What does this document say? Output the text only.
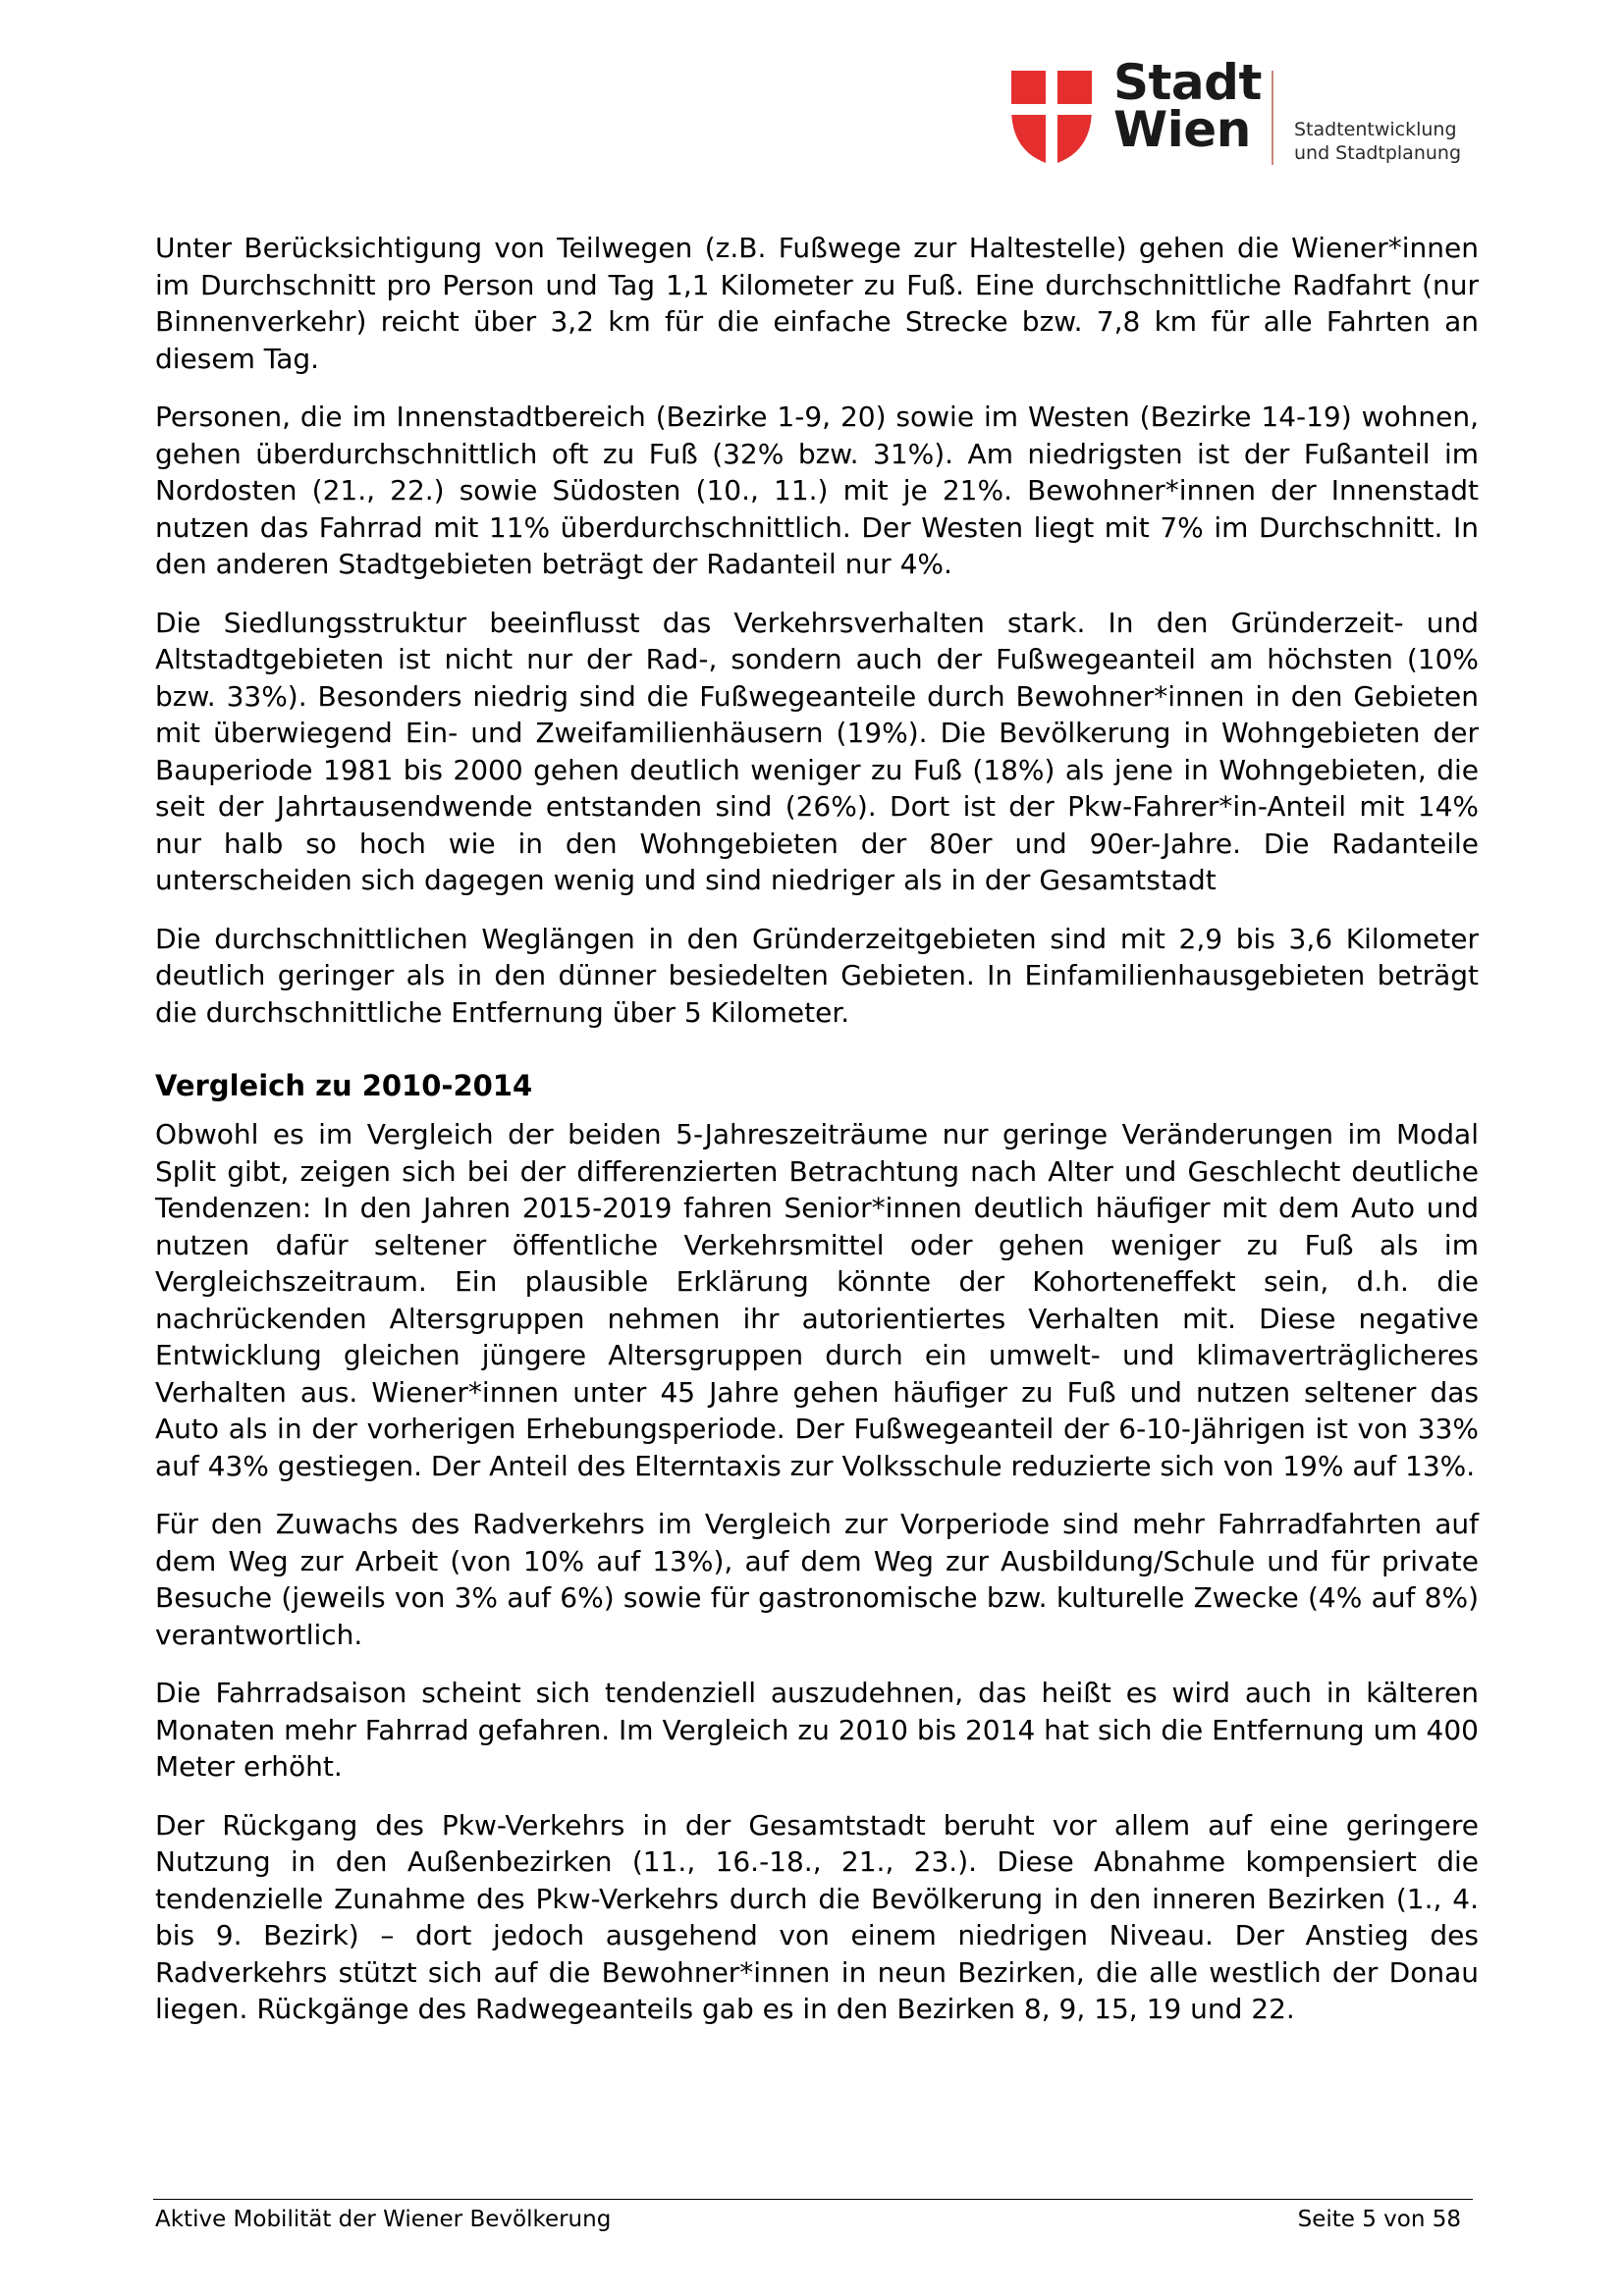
Stadt
Wien	Stadtentwicklung
und Stadtplanung

Unter Berücksichtigung von Teilwegen (z.B. Fußwege zur Haltestelle) gehen die Wiener*innen im Durchschnitt pro Person und Tag 1,1 Kilometer zu Fuß. Eine durchschnittliche Radfahrt (nur Binnenverkehr) reicht über 3,2 km für die einfache Strecke bzw. 7,8 km für alle Fahrten an diesem Tag.

Personen, die im Innenstadtbereich (Bezirke 1-9, 20) sowie im Westen (Bezirke 14-19) wohnen, gehen überdurchschnittlich oft zu Fuß (32% bzw. 31%). Am niedrigsten ist der Fußanteil im Nordosten (21., 22.) sowie Südosten (10., 11.) mit je 21%. Bewohner*innen der Innenstadt nutzen das Fahrrad mit 11% überdurchschnittlich. Der Westen liegt mit 7% im Durchschnitt. In den anderen Stadtgebieten beträgt der Radanteil nur 4%.

Die Siedlungsstruktur beeinflusst das Verkehrsverhalten stark. In den Gründerzeit- und Altstadtgebieten ist nicht nur der Rad-, sondern auch der Fußwegeanteil am höchsten (10% bzw. 33%). Besonders niedrig sind die Fußwegeanteile durch Bewohner*innen in den Gebieten mit überwiegend Ein- und Zweifamilienhäusern (19%). Die Bevölkerung in Wohngebieten der Bauperiode 1981 bis 2000 gehen deutlich weniger zu Fuß (18%) als jene in Wohngebieten, die seit der Jahrtausendwende entstanden sind (26%). Dort ist der Pkw-Fahrer*in-Anteil mit 14% nur halb so hoch wie in den Wohngebieten der 80er und 90er-Jahre. Die Radanteile unterscheiden sich dagegen wenig und sind niedriger als in der Gesamtstadt

Die durchschnittlichen Weglängen in den Gründerzeitgebieten sind mit 2,9 bis 3,6 Kilometer deutlich geringer als in den dünner besiedelten Gebieten. In Einfamilienhausgebieten beträgt die durchschnittliche Entfernung über 5 Kilometer.

Vergleich zu 2010-2014

Obwohl es im Vergleich der beiden 5-Jahreszeiträume nur geringe Veränderungen im Modal Split gibt, zeigen sich bei der differenzierten Betrachtung nach Alter und Geschlecht deutliche Tendenzen: In den Jahren 2015-2019 fahren Senior*innen deutlich häufiger mit dem Auto und nutzen dafür seltener öffentliche Verkehrsmittel oder gehen weniger zu Fuß als im Vergleichszeitraum. Ein plausible Erklärung könnte der Kohorteneffekt sein, d.h. die nachrückenden Altersgruppen nehmen ihr autorientiertes Verhalten mit. Diese negative Entwicklung gleichen jüngere Altersgruppen durch ein umwelt- und klimaverträglicheres Verhalten aus. Wiener*innen unter 45 Jahre gehen häufiger zu Fuß und nutzen seltener das Auto als in der vorherigen Erhebungsperiode. Der Fußwegeanteil der 6-10-Jährigen ist von 33% auf 43% gestiegen. Der Anteil des Elterntaxis zur Volksschule reduzierte sich von 19% auf 13%.

Für den Zuwachs des Radverkehrs im Vergleich zur Vorperiode sind mehr Fahrradfahrten auf dem Weg zur Arbeit (von 10% auf 13%), auf dem Weg zur Ausbildung/Schule und für private Besuche (jeweils von 3% auf 6%) sowie für gastronomische bzw. kulturelle Zwecke (4% auf 8%) verantwortlich.

Die Fahrradsaison scheint sich tendenziell auszudehnen, das heißt es wird auch in kälteren Monaten mehr Fahrrad gefahren. Im Vergleich zu 2010 bis 2014 hat sich die Entfernung um 400 Meter erhöht.

Der Rückgang des Pkw-Verkehrs in der Gesamtstadt beruht vor allem auf eine geringere Nutzung in den Außenbezirken (11., 16.-18., 21., 23.). Diese Abnahme kompensiert die tendenzielle Zunahme des Pkw-Verkehrs durch die Bevölkerung in den inneren Bezirken (1., 4. bis 9. Bezirk) – dort jedoch ausgehend von einem niedrigen Niveau. Der Anstieg des Radverkehrs stützt sich auf die Bewohner*innen in neun Bezirken, die alle westlich der Donau liegen. Rückgänge des Radwegeanteils gab es in den Bezirken 8, 9, 15, 19 und 22.

Aktive Mobilität der Wiener Bevölkerung	Seite 5 von 58
